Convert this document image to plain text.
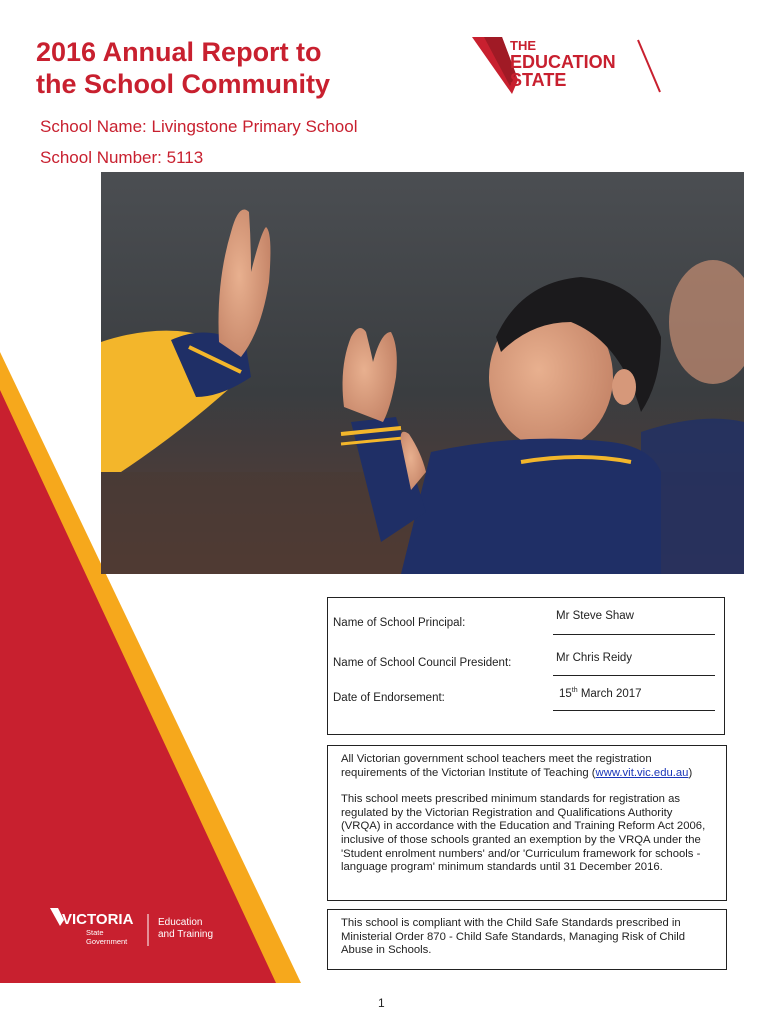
2016 Annual Report to
the School Community
School Name: Livingstone Primary School
School Number: 5113
THE
EDUCATION
STATE
Name of School Principal:
Mr Steve Shaw
Name of School Council President:	Mr Chris Reidy
Date of Endorsement:	15th March 2017

All Victorian government school teachers meet the registration requirements of the Victorian Institute of Teaching (www.vit.vic.edu.au)

This school meets prescribed minimum standards for registration as regulated by the Victorian Registration and Qualifications Authority (VRQA) in accordance with the Education and Training Reform Act 2006, inclusive of those schools granted an exemption by the VRQA under the 'Student enrolment numbers' and/or 'Curriculum framework for schools - language program' minimum standards until 31 December 2016.

This school is compliant with the Child Safe Standards prescribed in Ministerial Order 870 - Child Safe Standards, Managing Risk of Child Abuse in Schools.

VICTORIA
State
Government
Education
and Training
1
